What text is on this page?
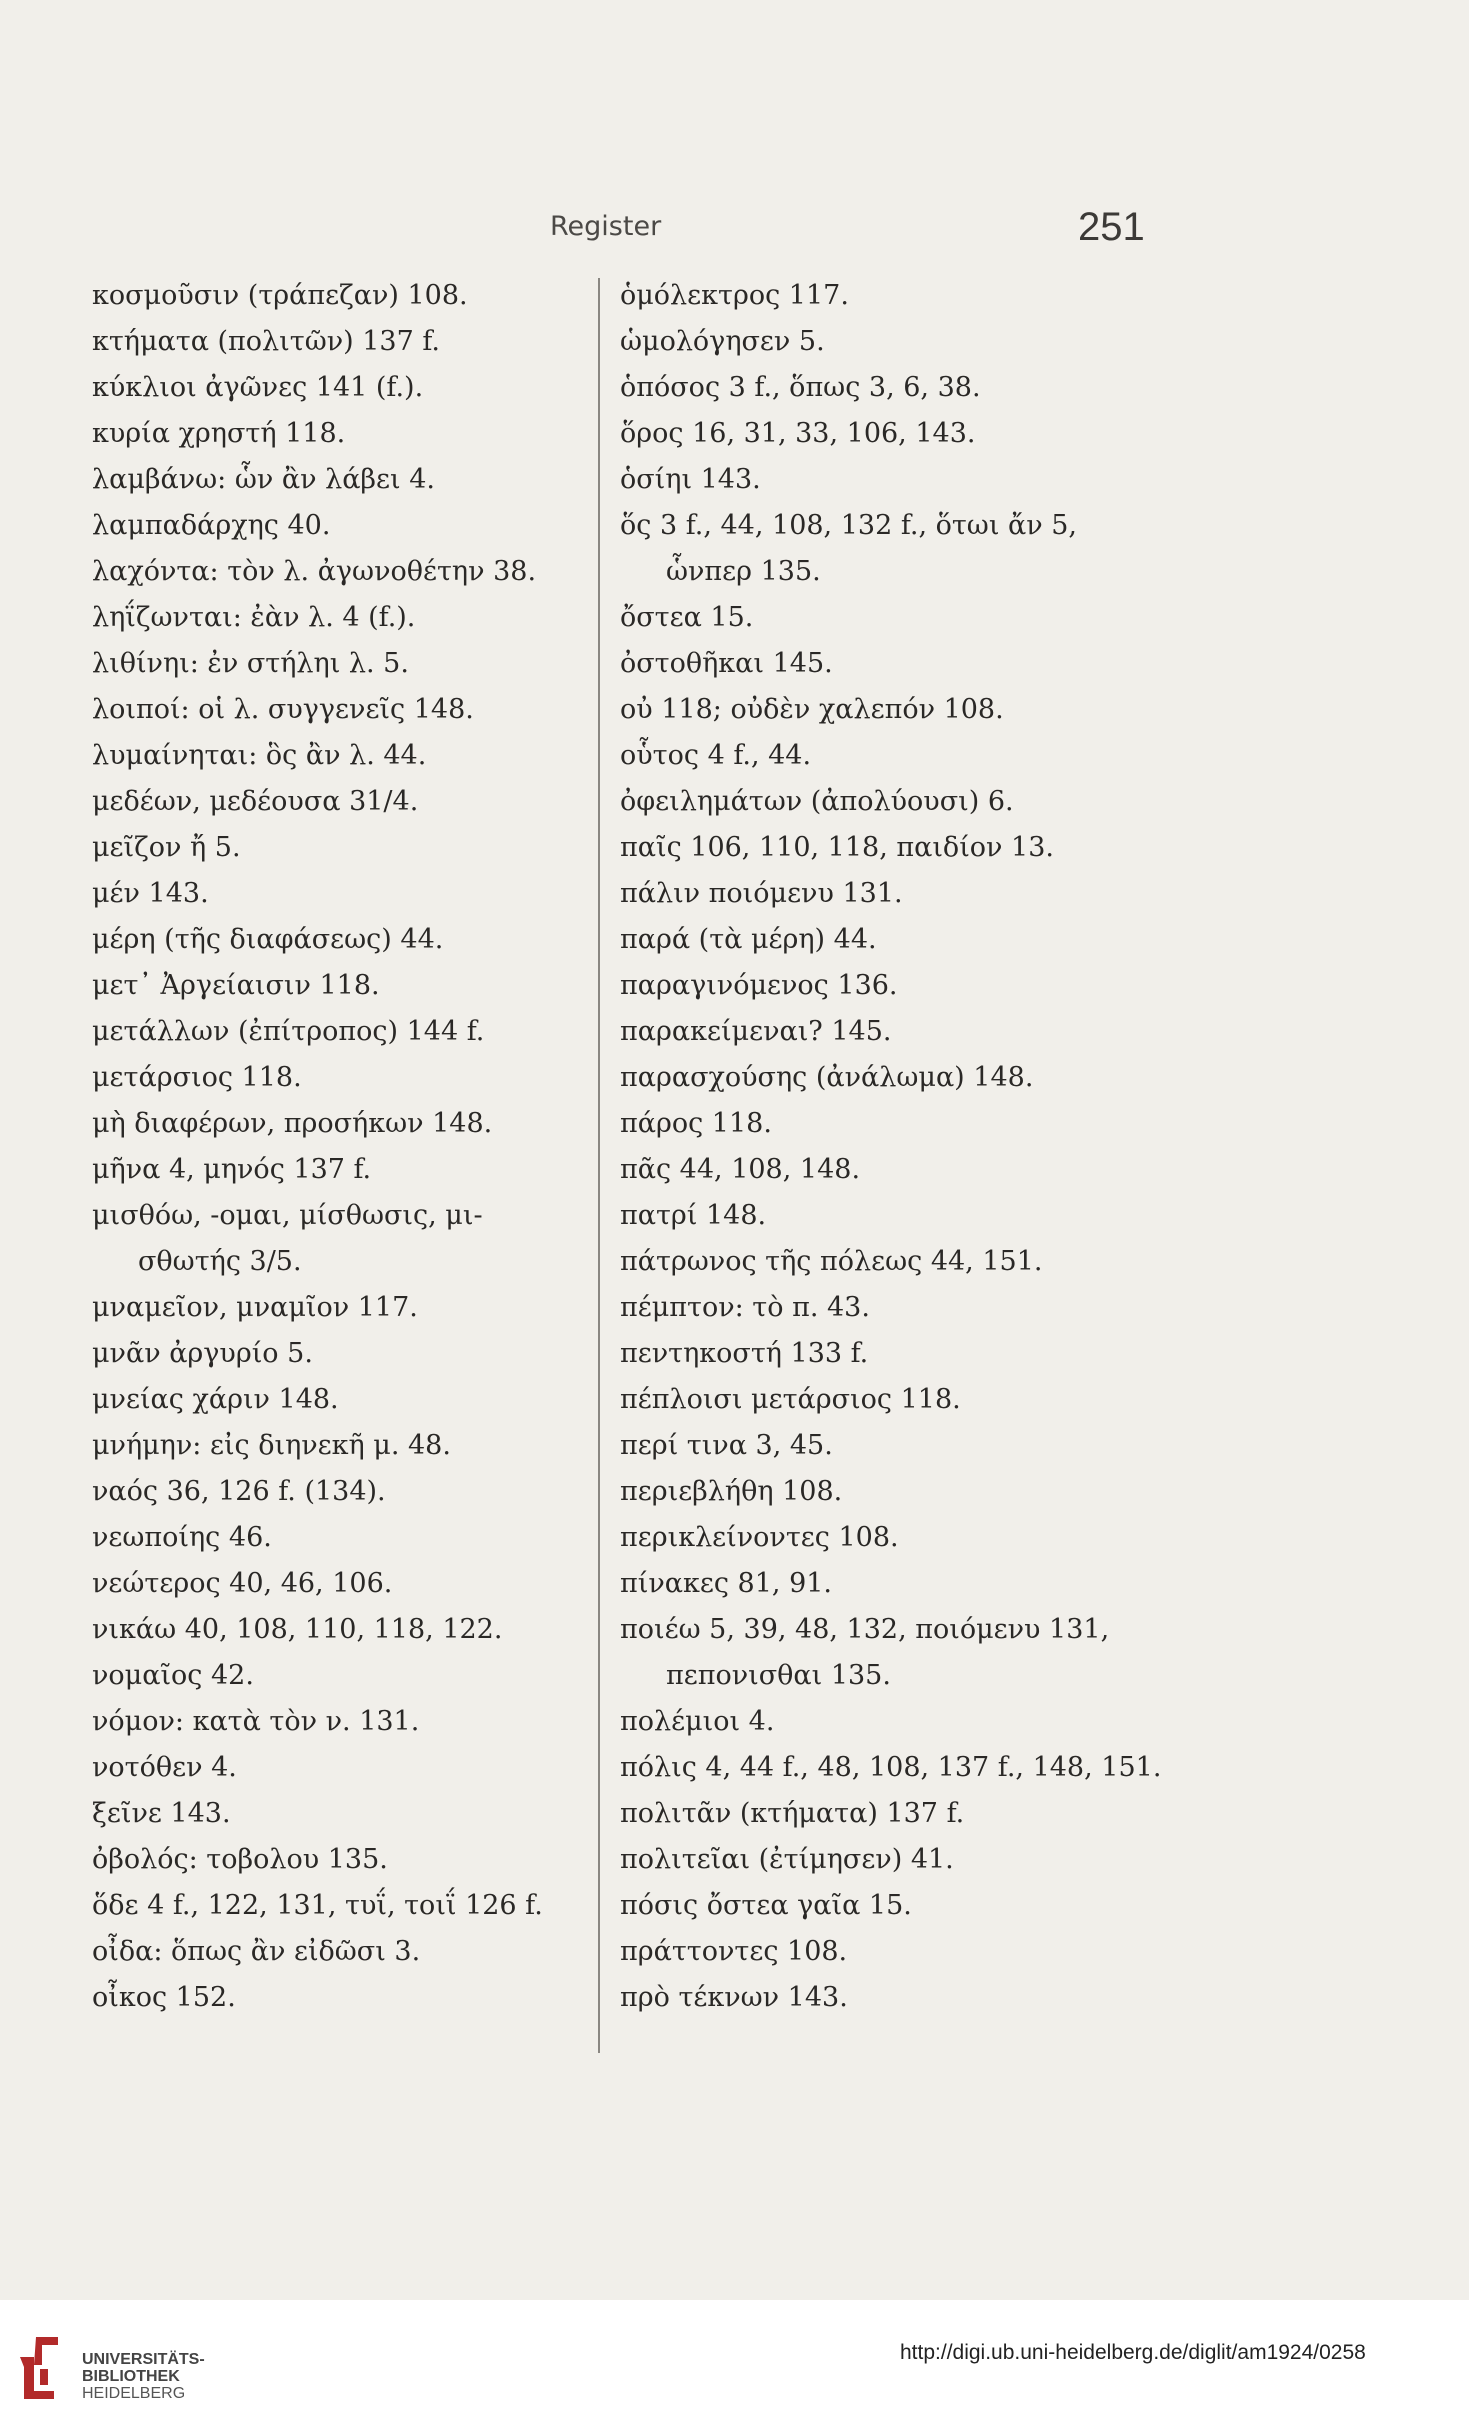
Register	251
κοσμοῦσιν (τράπεζαν) 108.
κτήματα (πολιτῶν) 137 f.
κύκλιοι ἀγῶνες 141 (f.).
κυρία χρηστή 118.
λαμβάνω: ὧν ἂν λάβει 4.
λαμπαδάρχης 40.
λαχόντα: τὸν λ. ἀγωνοθέτην 38.
ληΐζωνται: ἐὰν λ. 4 (f.).
λιθίνηι: ἐν στήληι λ. 5.
λοιποί: οἱ λ. συγγενεῖς 148.
λυμαίνηται: ὃς ἂν λ. 44.
μεδέων, μεδέουσα 31/4.
μεῖζον ἤ 5.
μέν 143.
μέρη (τῆς διαφάσεως) 44.
μετ᾽ Ἀργείαισιν 118.
μετάλλων (ἐπίτροπος) 144 f.
μετάρσιος 118.
μὴ διαφέρων, προσήκων 148.
μῆνα 4, μηνός 137 f.
μισθόω, -ομαι, μίσθωσις, μι-
σθωτής 3/5.
μναμεῖον, μναμῖον 117.
μνᾶν ἀργυρίο 5.
μνείας χάριν 148.
μνήμην: εἰς διηνεκῆ μ. 48.
ναός 36, 126 f. (134).
νεωποίης 46.
νεώτερος 40, 46, 106.
νικάω 40, 108, 110, 118, 122.
νομαῖος 42.
νόμον: κατὰ τὸν ν. 131.
νοτόθεν 4.
ξεῖνε 143.
ὀβολός: τοβολου 135.
ὅδε 4 f., 122, 131, τυΐ, τοιΐ 126 f.
οἶδα: ὅπως ἂν εἰδῶσι 3.
οἶκος 152.
ὁμόλεκτρος 117.
ὡμολόγησεν 5.
ὁπόσος 3 f., ὅπως 3, 6, 38.
ὅρος 16, 31, 33, 106, 143.
ὁσίηι 143.
ὅς 3 f., 44, 108, 132 f., ὅτωι ἄν 5,
ὧνπερ 135.
ὄστεα 15.
ὀστοθῆκαι 145.
οὐ 118; οὐδὲν χαλεπόν 108.
οὗτος 4 f., 44.
ὀφειλημάτων (ἀπολύουσι) 6.
παῖς 106, 110, 118, παιδίον 13.
πάλιν ποιόμενυ 131.
παρά (τὰ μέρη) 44.
παραγινόμενος 136.
παρακείμεναι? 145.
παρασχούσης (ἀνάλωμα) 148.
πάρος 118.
πᾶς 44, 108, 148.
πατρί 148.
πάτρωνος τῆς πόλεως 44, 151.
πέμπτον: τὸ π. 43.
πεντηκοστή 133 f.
πέπλοισι μετάρσιος 118.
περί τινα 3, 45.
περιεβλήθη 108.
περικλείνοντες 108.
πίνακες 81, 91.
ποιέω 5, 39, 48, 132, ποιόμενυ 131,
πεπονισθαι 135.
πολέμιοι 4.
πόλις 4, 44 f., 48, 108, 137 f., 148, 151.
πολιτᾶν (κτήματα) 137 f.
πολιτεῖαι (ἐτίμησεν) 41.
πόσις ὄστεα γαῖα 15.
πράττοντες 108.
πρὸ τέκνων 143.
UNIVERSITÄTS-
BIBLIOTHEK
HEIDELBERG
http://digi.ub.uni-heidelberg.de/diglit/am1924/0258
